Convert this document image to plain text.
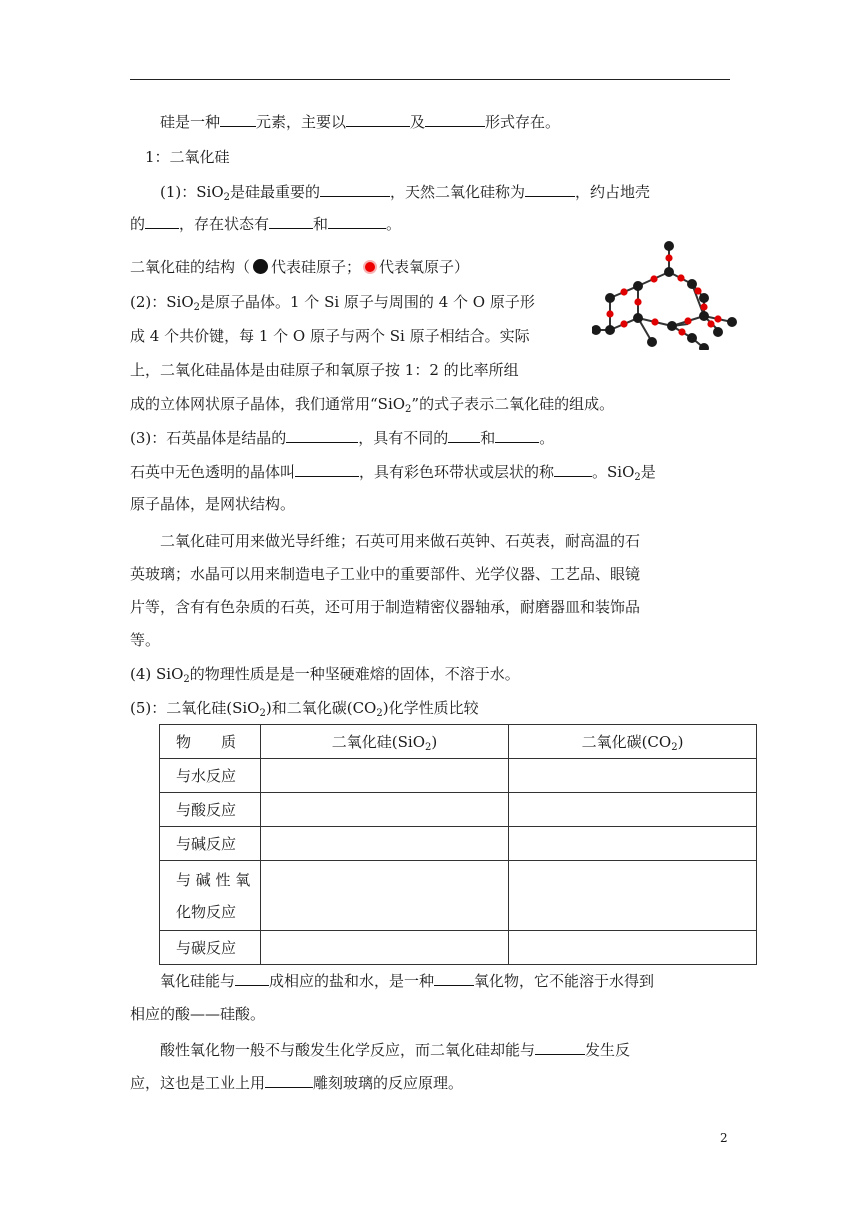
硅是一种 元素，主要以	及	形式存在。
1：二氧化硅
(1)：SiO$_2$是硅最重要的	，天然二氧化硅称为	，约占地壳
的 ，存在状态有	和	。
二氧化硅的结构（ 代表硅原子； 代表氧原子）
(2)：SiO$_2$是原子晶体。1 个 Si 原子与周围的 4 个 O 原子形
成 4 个共价键，每 1 个 O 原子与两个 Si 原子相结合。实际
上，二氧化硅晶体是由硅原子和氧原子按 1：2 的比率所组
成的立体网状原子晶体，我们通常用“SiO$_2$”的式子表示二氧化硅的组成。
(3)：石英晶体是结晶的	，具有不同的 和	。
石英中无色透明的晶体叫	，具有彩色环带状或层状的称	。SiO$_2$是
原子晶体，是网状结构。
二氧化硅可用来做光导纤维；石英可用来做石英钟、石英表，耐高温的石
英玻璃；水晶可以用来制造电子工业中的重要部件、光学仪器、工艺品、眼镜
片等，含有有色杂质的石英，还可用于制造精密仪器轴承，耐磨器皿和装饰品
等。
(4) SiO$_2$的物理性质是是一种坚硬难熔的固体，不溶于水。
(5)：二氧化硅(SiO$_2$)和二氧化碳$(CO_2)$化学性质比较
物　　质	二氧化硅(SiO$_2$)	二氧化碳$(CO_2)$
与水反应		
与酸反应		
与碱反应		
与 碱 性 氧
化物反应		
与碳反应		
氧化硅能与 成相应的盐和水，是一种	氧化物，它不能溶于水得到
相应的酸——硅酸。
酸性氧化物一般不与酸发生化学反应，而二氧化硅却能与	发生反
应，这也是工业上用	雕刻玻璃的反应原理。
2
